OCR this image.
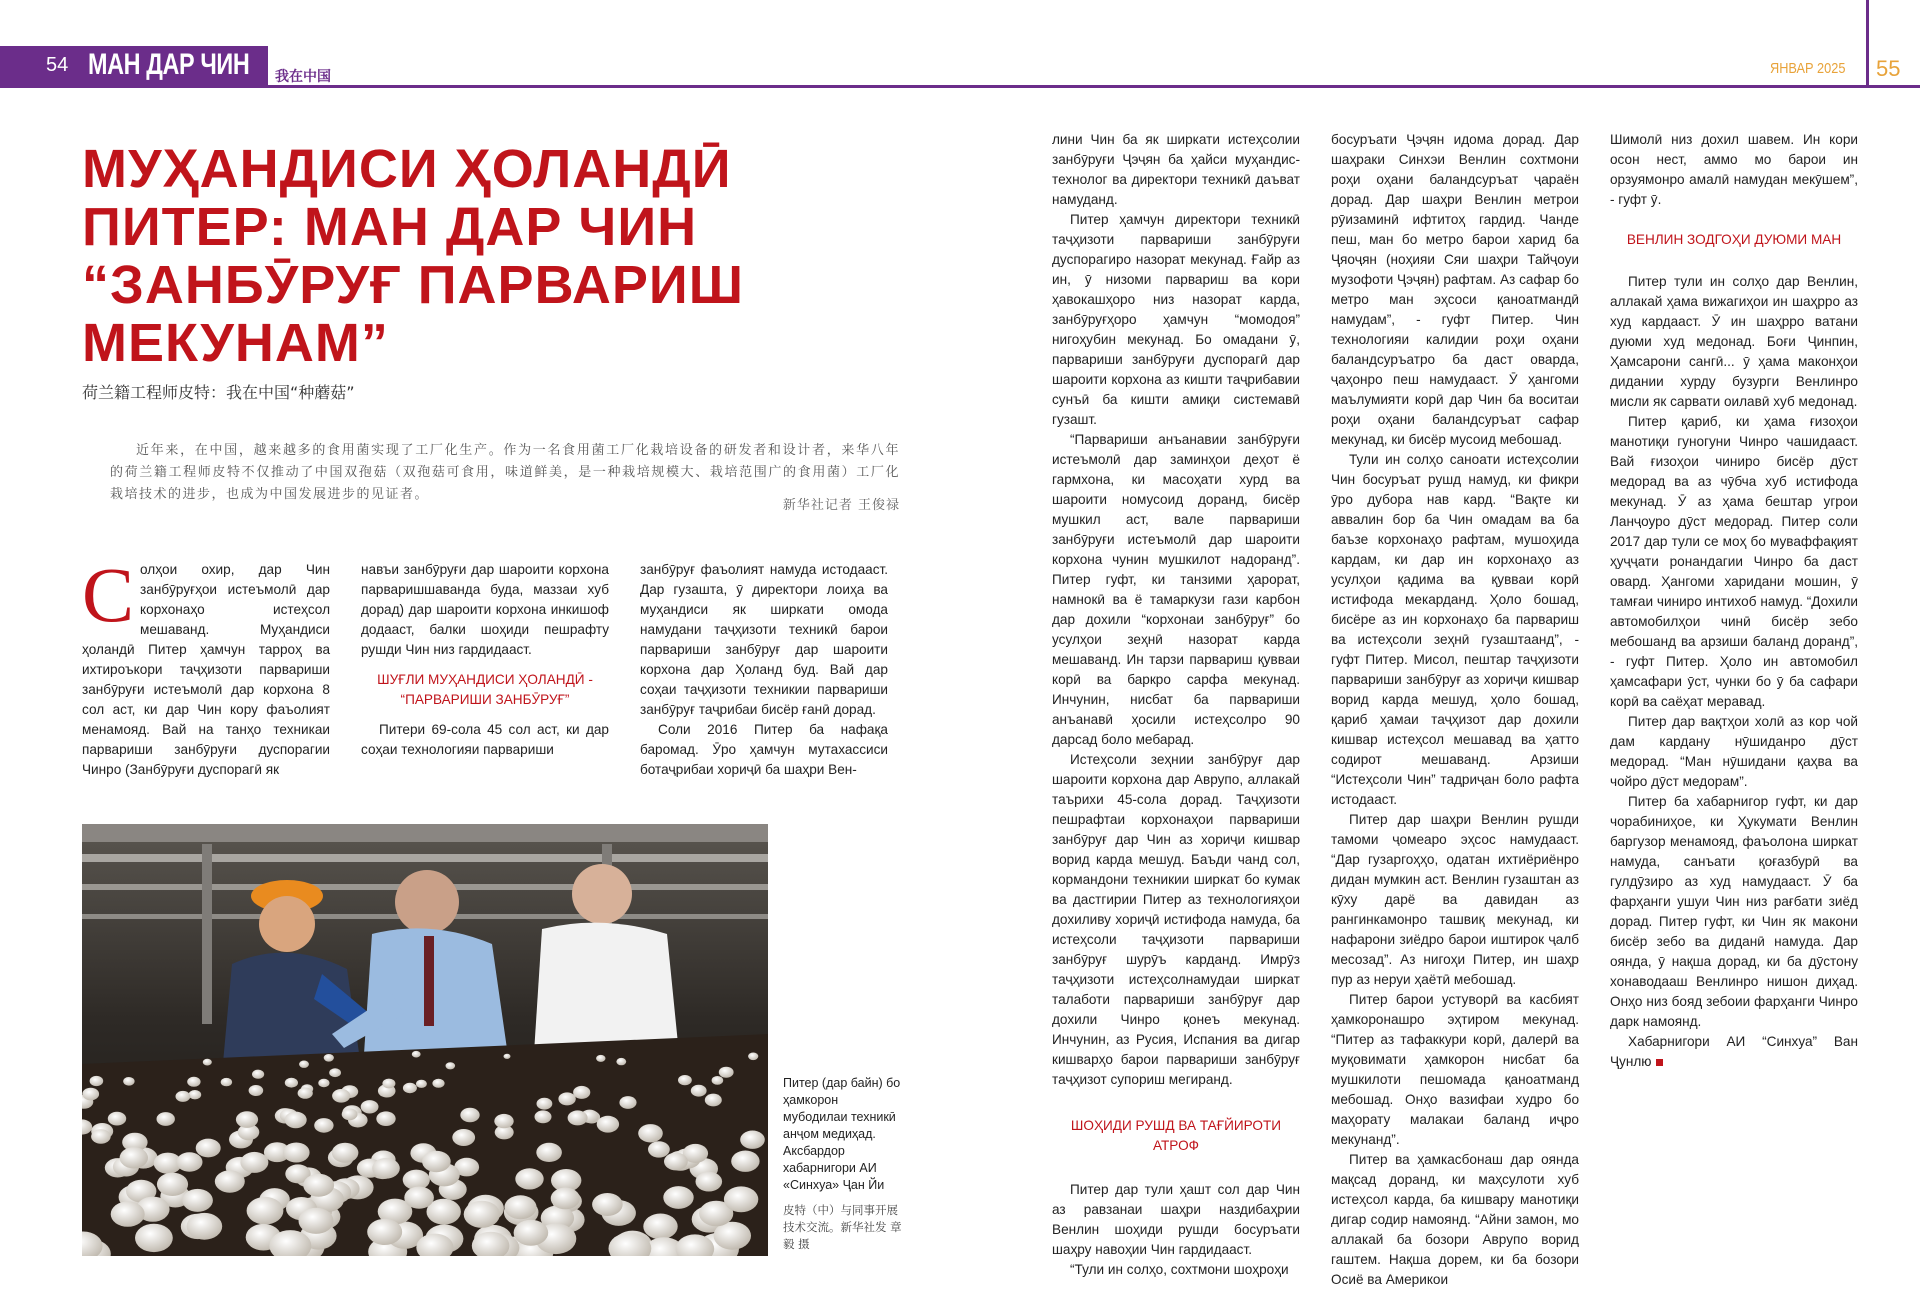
54 МАН ДАР ЧИН 我在中国	ЯНВАР 2025 55
МУҲАНДИСИ ҲОЛАНДӢ ПИТЕР: МАН ДАР ЧИН “ЗАНБӮРУҒ ПАРВАРИШ МЕКУНАМ”
荷兰籍工程师皮特：我在中国“种蘑菇”
近年来，在中国，越来越多的食用菌实现了工厂化生产。作为一名食用菌工厂化栽培设备的研发者和设计者，来华八年的荷兰籍工程师皮特不仅推动了中国双孢菇（双孢菇可食用，味道鲜美，是一种栽培规模大、栽培范围广的食用菌）工厂化栽培技术的进步，也成为中国发展进步的见证者。
新华社记者 王俊禄
С олҳои охир, дар Чин занбӯруғҳои истеъмолӣ дар корхонаҳо истеҳсол мешаванд. Муҳандиси ҳоландӣ Питер ҳамчун тарроҳ ва ихтироъкори таҷҳизоти парвариши занбӯруғи истеъмолӣ дар корхона 8 сол аст, ки дар Чин кору фаъолият менамояд. Вай на танҳо техникаи парвариши занбӯруғи дуспорагии Чинро (Занбӯруғи дуспорагӣ як

навъи занбӯруғи дар шароити корхона парваришшаванда буда, маззаи хуб дорад) дар шароити корхона инкишоф додааст, балки шоҳиди пешрафту рушди Чин низ гардидааст.

ШУҒЛИ МУҲАНДИСИ ҲОЛАНДӢ - “ПАРВАРИШИ ЗАНБӮРУҒ”

Питери 69-сола 45 сол аст, ки дар соҳаи технологияи парвариши

занбӯруғ фаъолият намуда истодааст. Дар гузашта, ӯ директори лоиҳа ва муҳандиси як ширкати омода намудани таҷҳизоти техникӣ барои парвариши занбӯруғ дар шароити корхона дар Ҳоланд буд. Вай дар соҳаи таҷҳизоти техникии парвариши занбӯруғ таҷрибаи бисёр ғанӣ дорад.

Соли 2016 Питер ба нафақа баромад. Ӯро ҳамчун мутахассиси ботаҷрибаи хориҷӣ ба шаҳри Вен-

Питер (дар байн) бо ҳамкорон мубодилаи техникӣ анҷом медиҳад. Аксбардор хабарнигори АИ «Синхуа» Ҷан Йи
皮特（中）与同事开展技术交流。新华社发 章毅 摄

лини Чин ба як ширкати истеҳсолии занбӯруғи Ҷэҷян ба ҳайси муҳандис-технолог ва директори техникӣ даъват намуданд.

Питер ҳамчун директори техникӣ таҷҳизоти парвариши занбӯруғи дуспорагиро назорат мекунад. Ғайр аз ин, ӯ низоми парвариш ва кори ҳавокашҳоро низ назорат карда, занбӯруғҳоро ҳамчун “момодоя” нигоҳубин мекунад. Бо омадани ӯ, парвариши занбӯруғи дуспорагӣ дар шароити корхона аз кишти таҷрибавии сунъӣ ба кишти амиқи системавӣ гузашт.

“Парвариши анъанавии занбӯруғи истеъмолӣ дар заминҳои деҳот ё гармхона, ки масоҳати хурд ва шароити номусоид доранд, бисёр мушкил аст, вале парвариши занбӯруғи истеъмолӣ дар шароити корхона чунин мушкилот надоранд”. Питер гуфт, ки танзими ҳарорат, намнокӣ ва ё тамаркузи гази карбон дар дохили “корхонаи занбӯруғ” бо усулҳои зеҳнӣ назорат карда мешаванд. Ин тарзи парвариш қувваи корӣ ва баркро сарфа мекунад. Инчунин, нисбат ба парвариши анъанавӣ ҳосили истеҳсолро 90 дарсад боло мебарад.

Истеҳсоли зеҳнии занбӯруғ дар шароити корхона дар Аврупо, аллакай таърихи 45-сола дорад. Таҷҳизоти пешрафтаи корхонаҳои парвариши занбӯруғ дар Чин аз хориҷи кишвар ворид карда мешуд. Баъди чанд сол, кормандони техникии ширкат бо кумак ва дастгирии Питер аз технологияҳои дохиливу хориҷӣ истифода намуда, ба истеҳсоли таҷҳизоти парвариши занбӯруғ шурӯъ карданд. Имрӯз таҷҳизоти истеҳсолнамудаи ширкат талаботи парвариши занбӯруғ дар дохили Чинро қонеъ мекунад. Инчунин, аз Русия, Испания ва дигар кишварҳо барои парвариши занбӯруғ таҷҳизот супориш мегиранд.

ШОҲИДИ РУШД ВА ТАҒЙИРОТИ АТРОФ

Питер дар тули ҳашт сол дар Чин аз равзанаи шаҳри наздибаҳрии Венлин шоҳиди рушди босуръати шаҳру навоҳии Чин гардидааст.

“Тули ин солҳо, сохтмони шоҳроҳи

босуръати Ҷэҷян идома дорад. Дар шаҳраки Синхэи Венлин сохтмони роҳи оҳани баландсуръат ҷараён дорад. Дар шаҳри Венлин метрои рӯизаминӣ ифтитоҳ гардид. Чанде пеш, ман бо метро барои харид ба Ҷяоҷян (ноҳияи Сяи шаҳри Тайҷоуи музофоти Ҷэҷян) рафтам. Аз сафар бо метро ман эҳсоси қаноатмандӣ намудам”, - гуфт Питер. Чин технологияи калидии роҳи оҳани баландсуръатро ба даст оварда, ҷаҳонро пеш намудааст. Ӯ ҳангоми маълумияти корӣ дар Чин ба воситаи роҳи оҳани баландсуръат сафар мекунад, ки бисёр мусоид мебошад.

Тули ин солҳо саноати истеҳсолии Чин босуръат рушд намуд, ки фикри ӯро дубора нав кард. “Вақте ки аввалин бор ба Чин омадам ва ба баъзе корхонаҳо рафтам, мушоҳида кардам, ки дар ин корхонаҳо аз усулҳои қадима ва қувваи корӣ истифода мекарданд. Ҳоло бошад, бисёре аз ин корхонаҳо ба парвариш ва истеҳсоли зеҳнӣ гузаштаанд”, - гуфт Питер. Мисол, пештар таҷҳизоти парвариши занбӯруғ аз хориҷи кишвар ворид карда мешуд, ҳоло бошад, қариб ҳамаи таҷҳизот дар дохили кишвар истеҳсол мешавад ва ҳатто содирот мешаванд. Арзиши “Истеҳсоли Чин” тадриҷан боло рафта истодааст.

Питер дар шаҳри Венлин рушди тамоми ҷомеаро эҳсос намудааст. “Дар гузаргоҳҳо, одатан ихтиёриёнро дидан мумкин аст. Венлин гузаштан аз кӯху дарё ва давидан аз рангинкамонро ташвиқ мекунад, ки нафарони зиёдро барои иштирок ҷалб месозад”. Аз нигоҳи Питер, ин шаҳр пур аз неруи ҳаётӣ мебошад.

Питер барои устуворӣ ва касбият ҳамкоронашро эҳтиром мекунад. “Питер аз тафаккури корӣ, далерӣ ва муқовимати ҳамкорон нисбат ба мушкилоти пешомада қаноатманд мебошад. Онҳо вазифаи худро бо маҳорату малакаи баланд иҷро мекунанд”.

Питер ва ҳамкасбонаш дар оянда мақсад доранд, ки маҳсулоти хуб истеҳсол карда, ба кишвару манотиқи дигар содир намоянд. “Айни замон, мо аллакай ба бозори Аврупо ворид гаштем. Нақша дорем, ки ба бозори Осиё ва Америкои

Шимолӣ низ дохил шавем. Ин кори осон нест, аммо мо барои ин орзуямонро амалӣ намудан мекӯшем”, - гуфт ӯ.

ВЕНЛИН ЗОДГОҲИ ДУЮМИ МАН

Питер тули ин солҳо дар Венлин, аллакай ҳама вижагиҳои ин шаҳрро аз худ кардааст. Ӯ ин шаҳрро ватани дуюми худ медонад. Боғи Ҷинпин, Ҳамсарони сангӣ... ӯ ҳама маконҳои дидании хурду бузурги Венлинро мисли як сарвати оилавӣ хуб медонад.

Питер қариб, ки ҳама ғизоҳои манотиқи гуногуни Чинро чашидааст. Вай ғизоҳои чиниро бисёр дӯст медорад ва аз чӯбча хуб истифода мекунад. Ӯ аз ҳама бештар угрои Ланҷоуро дӯст медорад. Питер соли 2017 дар тули се моҳ бо муваффақият ҳуҷҷати ронандагии Чинро ба даст овард. Ҳангоми харидани мошин, ӯ тамғаи чиниро интихоб намуд. “Дохили автомобилҳои чинӣ бисёр зебо мебошанд ва арзиши баланд доранд”, - гуфт Питер. Ҳоло ин автомобил ҳамсафари ӯст, чунки бо ӯ ба сафари корӣ ва саёҳат меравад.

Питер дар вақтҳои холӣ аз кор чой дам кардану нӯшиданро дӯст медорад. “Ман нӯшидани қаҳва ва чойро дӯст медорам”.

Питер ба хабарнигор гуфт, ки дар чорабиниҳое, ки Ҳукумати Венлин баргузор менамояд, фаъолона ширкат намуда, санъати қоғазбурӣ ва гулдӯзиро аз худ намудааст. Ӯ ба фарҳанги ушуи Чин низ рағбати зиёд дорад. Питер гуфт, ки Чин як макони бисёр зебо ва диданӣ намуда. Дар оянда, ӯ нақша дорад, ки ба дӯстону хонаводааш Венлинро нишон диҳад. Онҳо низ бояд зебоии фарҳанги Чинро дарк намоянд.

Хабарнигори АИ “Синхуа” Ван Ҷунлю
